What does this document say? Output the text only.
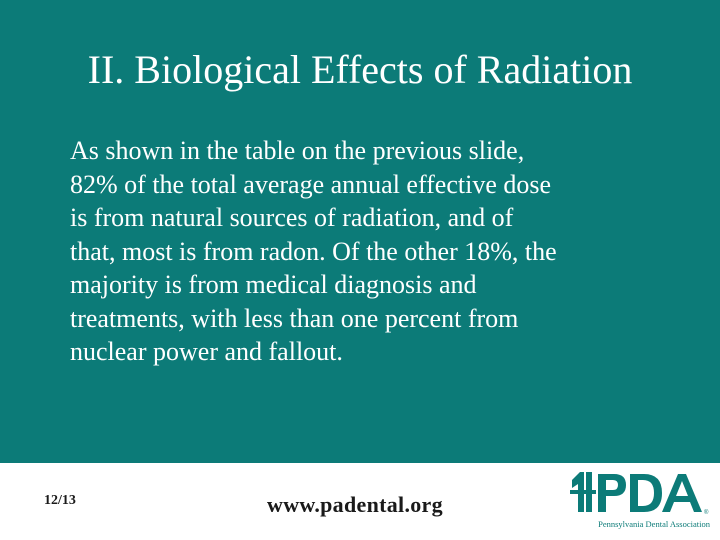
II. Biological Effects of Radiation
As shown in the table on the previous slide,
82% of the total average annual effective dose
is from natural sources of radiation, and of
that, most is from radon. Of the other 18%, the
majority is from medical diagnosis and
treatments, with less than one percent from
nuclear power and fallout.
12/13	www.padental.org	®
Pennsylvania Dental Association
